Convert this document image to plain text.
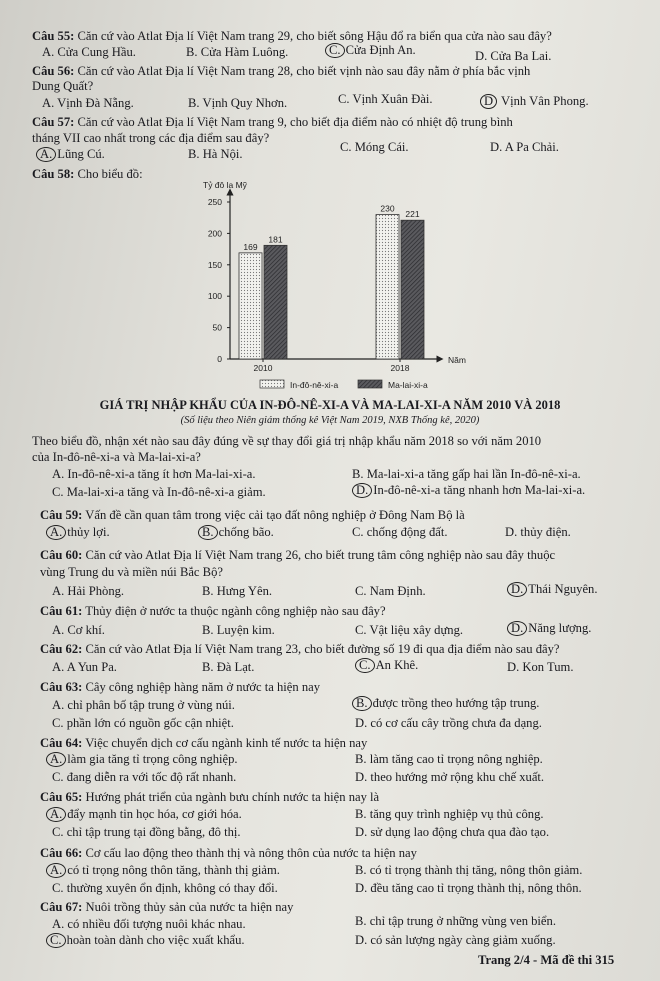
Câu 55: Căn cứ vào Atlat Địa lí Việt Nam trang 29, cho biết sông Hậu đổ ra biển qua cửa nào sau đây?
A. Cửa Cung Hầu.	B. Cửa Hàm Luông.	C. Cửa Định An.	D. Cửa Ba Lai.
Câu 56: Căn cứ vào Atlat Địa lí Việt Nam trang 28, cho biết vịnh nào sau đây nằm ở phía bắc vịnh
Dung Quất?
A. Vịnh Đà Nẵng.	B. Vịnh Quy Nhơn.	C. Vịnh Xuân Đài.	D Vịnh Vân Phong.
Câu 57: Căn cứ vào Atlat Địa lí Việt Nam trang 9, cho biết địa điểm nào có nhiệt độ trung bình
tháng VII cao nhất trong các địa điểm sau đây?
A. Lũng Cú.	B. Hà Nội.	C. Móng Cái.	D. A Pa Chải.
Câu 58: Cho biểu đồ:
Tỷ đô la Mỹ
Năm
0
50
100
150
200
250
169
181
2010
230
221
2018
In-đô-nê-xi-a	Ma-lai-xi-a
GIÁ TRỊ NHẬP KHẨU CỦA IN-ĐÔ-NÊ-XI-A VÀ MA-LAI-XI-A NĂM 2010 VÀ 2018
(Số liệu theo Niên giám thống kê Việt Nam 2019, NXB Thống kê, 2020)
Theo biểu đồ, nhận xét nào sau đây đúng về sự thay đổi giá trị nhập khẩu năm 2018 so với năm 2010
của In-đô-nê-xi-a và Ma-lai-xi-a?
A. In-đô-nê-xi-a tăng ít hơn Ma-lai-xi-a.	B. Ma-lai-xi-a tăng gấp hai lần In-đô-nê-xi-a.
C. Ma-lai-xi-a tăng và In-đô-nê-xi-a giảm.	D. In-đô-nê-xi-a tăng nhanh hơn Ma-lai-xi-a.
Câu 59: Vấn đề cần quan tâm trong việc cải tạo đất nông nghiệp ở Đông Nam Bộ là
A. thủy lợi.	B. chống bão.	C. chống động đất.	D. thủy điện.
Câu 60: Căn cứ vào Atlat Địa lí Việt Nam trang 26, cho biết trung tâm công nghiệp nào sau đây thuộc
vùng Trung du và miền núi Bắc Bộ?
A. Hải Phòng.	B. Hưng Yên.	C. Nam Định.	D. Thái Nguyên.
Câu 61: Thủy điện ở nước ta thuộc ngành công nghiệp nào sau đây?
A. Cơ khí.	B. Luyện kim.	C. Vật liệu xây dựng.	D. Năng lượng.
Câu 62: Căn cứ vào Atlat Địa lí Việt Nam trang 23, cho biết đường số 19 đi qua địa điểm nào sau đây?
A. A Yun Pa.	B. Đà Lạt.	C. An Khê.	D. Kon Tum.
Câu 63: Cây công nghiệp hàng năm ở nước ta hiện nay
A. chỉ phân bố tập trung ở vùng núi.	B. được trồng theo hướng tập trung.
C. phần lớn có nguồn gốc cận nhiệt.	D. có cơ cấu cây trồng chưa đa dạng.
Câu 64: Việc chuyển dịch cơ cấu ngành kinh tế nước ta hiện nay
A. làm gia tăng tỉ trọng công nghiệp.	B. làm tăng cao tỉ trọng nông nghiệp.
C. đang diễn ra với tốc độ rất nhanh.	D. theo hướng mở rộng khu chế xuất.
Câu 65: Hướng phát triển của ngành bưu chính nước ta hiện nay là
A. đẩy mạnh tin học hóa, cơ giới hóa.	B. tăng quy trình nghiệp vụ thủ công.
C. chỉ tập trung tại đồng bằng, đô thị.	D. sử dụng lao động chưa qua đào tạo.
Câu 66: Cơ cấu lao động theo thành thị và nông thôn của nước ta hiện nay
A. có tỉ trọng nông thôn tăng, thành thị giảm.	B. có tỉ trọng thành thị tăng, nông thôn giảm.
C. thường xuyên ổn định, không có thay đổi.	D. đều tăng cao tỉ trọng thành thị, nông thôn.
Câu 67: Nuôi trồng thủy sản của nước ta hiện nay
A. có nhiều đối tượng nuôi khác nhau.	B. chỉ tập trung ở những vùng ven biển.
C. hoàn toàn dành cho việc xuất khẩu.	D. có sản lượng ngày càng giảm xuống.
Trang 2/4 - Mã đề thi 315
